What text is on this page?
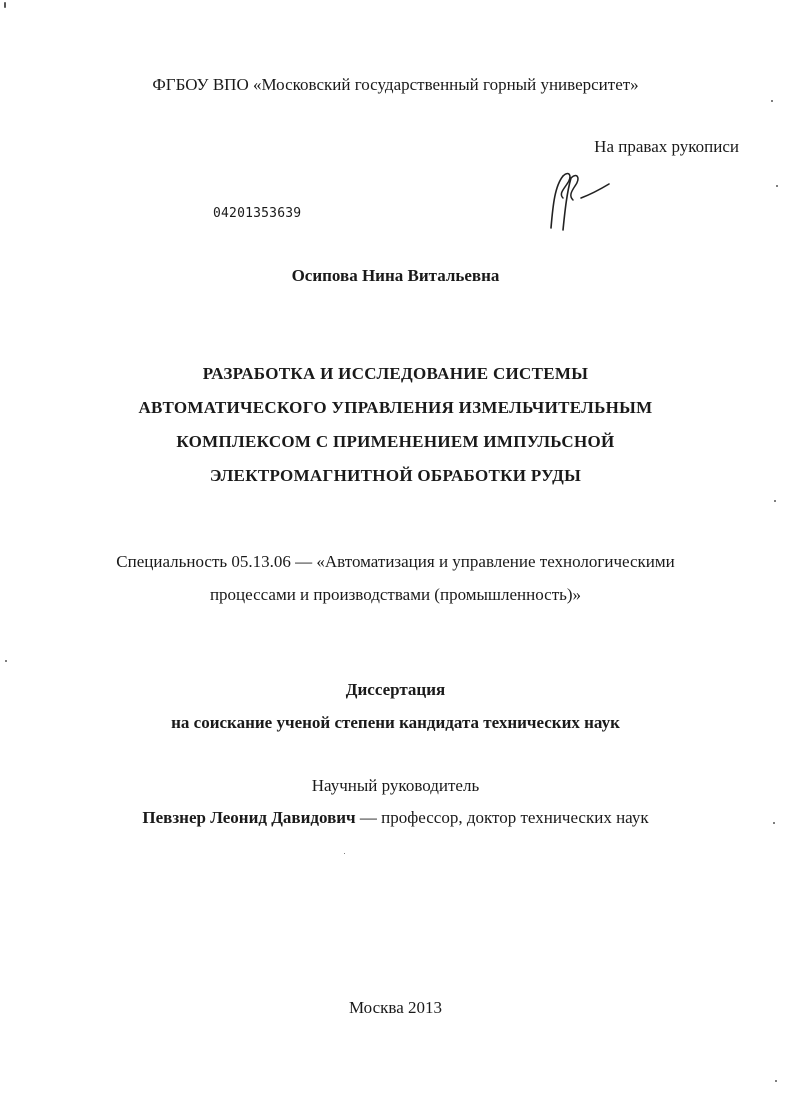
ФГБОУ ВПО «Московский государственный горный университет»
На правах рукописи
04201353639
Осипова Нина Витальевна
РАЗРАБОТКА И ИССЛЕДОВАНИЕ СИСТЕМЫ
АВТОМАТИЧЕСКОГО УПРАВЛЕНИЯ ИЗМЕЛЬЧИТЕЛЬНЫМ
КОМПЛЕКСОМ С ПРИМЕНЕНИЕМ ИМПУЛЬСНОЙ
ЭЛЕКТРОМАГНИТНОЙ ОБРАБОТКИ РУДЫ
Специальность 05.13.06 — «Автоматизация и управление технологическими
процессами и производствами (промышленность)»
Диссертация
на соискание ученой степени кандидата технических наук
Научный руководитель
Певзнер Леонид Давидович — профессор, доктор технических наук
Москва 2013
